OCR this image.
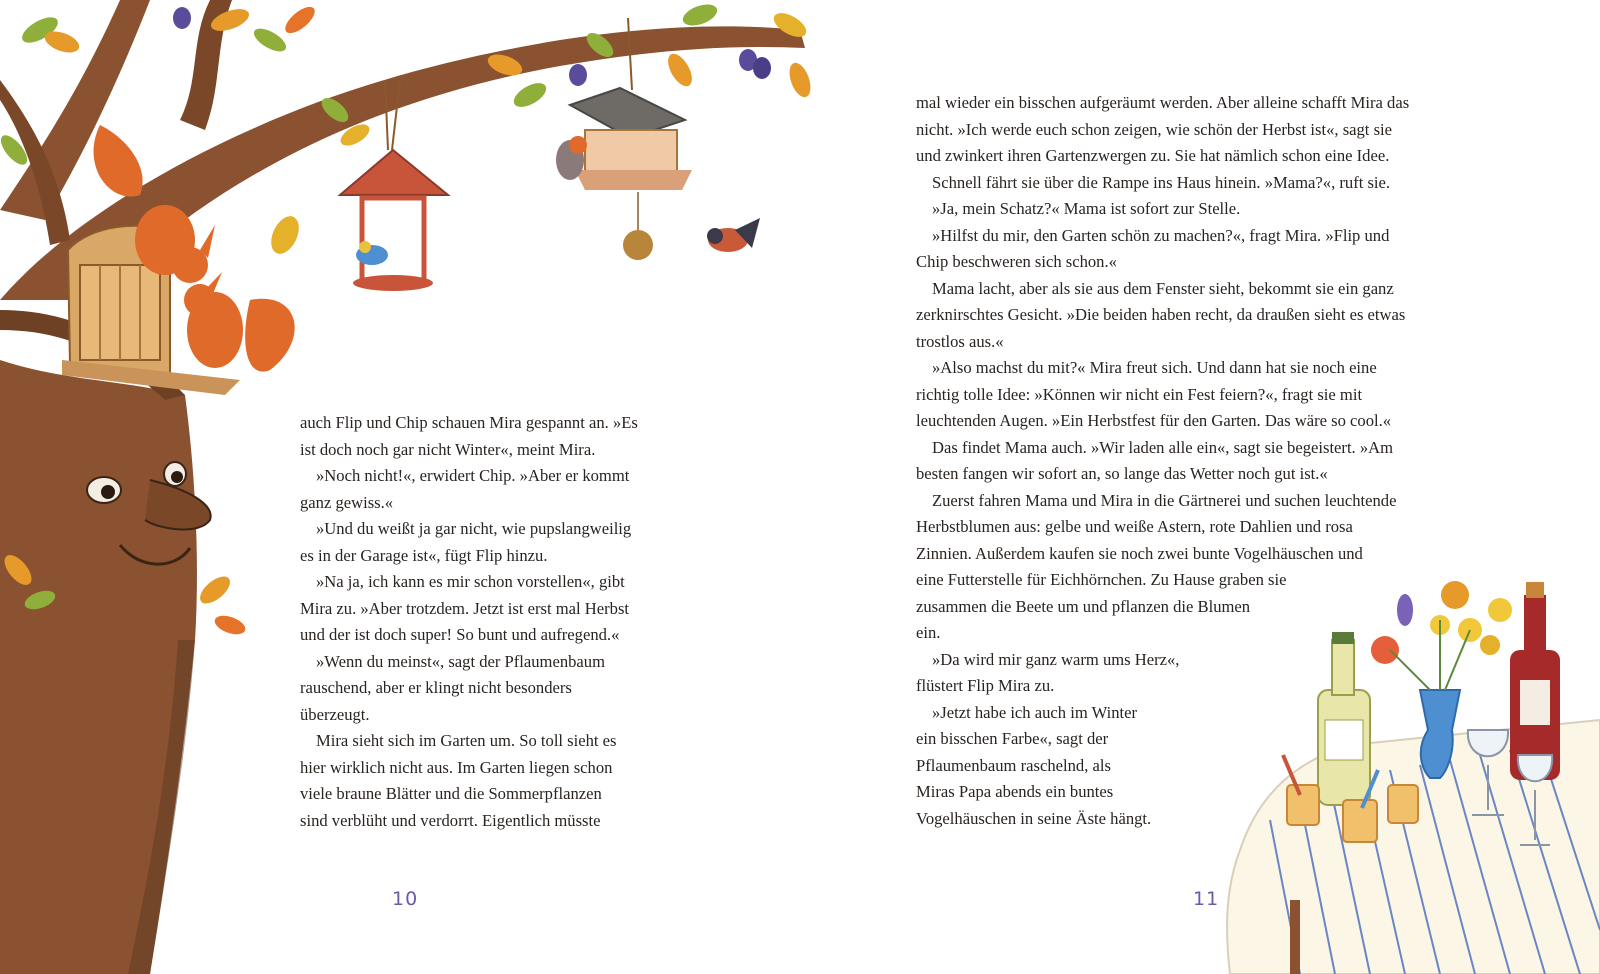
auch Flip und Chip schauen Mira gespannt an. »Es
ist doch noch gar nicht Winter«, meint Mira.
»Noch nicht!«, erwidert Chip. »Aber er kommt
ganz gewiss.«
»Und du weißt ja gar nicht, wie pupslangweilig
es in der Garage ist«, fügt Flip hinzu.
»Na ja, ich kann es mir schon vorstellen«, gibt
Mira zu. »Aber trotzdem. Jetzt ist erst mal Herbst
und der ist doch super! So bunt und aufregend.«
»Wenn du meinst«, sagt der Pflaumenbaum
rauschend, aber er klingt nicht besonders
überzeugt.
Mira sieht sich im Garten um. So toll sieht es
hier wirklich nicht aus. Im Garten liegen schon
viele braune Blätter und die Sommerpflanzen
sind verblüht und verdorrt. Eigentlich müsste
mal wieder ein bisschen aufgeräumt werden. Aber alleine schafft Mira das
nicht. »Ich werde euch schon zeigen, wie schön der Herbst ist«, sagt sie
und zwinkert ihren Gartenzwergen zu. Sie hat nämlich schon eine Idee.
Schnell fährt sie über die Rampe ins Haus hinein. »Mama?«, ruft sie.
»Ja, mein Schatz?« Mama ist sofort zur Stelle.
»Hilfst du mir, den Garten schön zu machen?«, fragt Mira. »Flip und
Chip beschweren sich schon.«
Mama lacht, aber als sie aus dem Fenster sieht, bekommt sie ein ganz
zerknirschtes Gesicht. »Die beiden haben recht, da draußen sieht es etwas
trostlos aus.«
»Also machst du mit?« Mira freut sich. Und dann hat sie noch eine
richtig tolle Idee: »Können wir nicht ein Fest feiern?«, fragt sie mit
leuchtenden Augen. »Ein Herbstfest für den Garten. Das wäre so cool.«
Das findet Mama auch. »Wir laden alle ein«, sagt sie begeistert. »Am
besten fangen wir sofort an, so lange das Wetter noch gut ist.«
Zuerst fahren Mama und Mira in die Gärtnerei und suchen leuchtende
Herbstblumen aus: gelbe und weiße Astern, rote Dahlien und rosa
Zinnien. Außerdem kaufen sie noch zwei bunte Vogelhäuschen und
eine Futterstelle für Eichhörnchen. Zu Hause graben sie
zusammen die Beete um und pflanzen die Blumen
ein.
»Da wird mir ganz warm ums Herz«,
flüstert Flip Mira zu.
»Jetzt habe ich auch im Winter
ein bisschen Farbe«, sagt der
Pflaumenbaum raschelnd, als
Miras Papa abends ein buntes
Vogelhäuschen in seine Äste hängt.
10	11
